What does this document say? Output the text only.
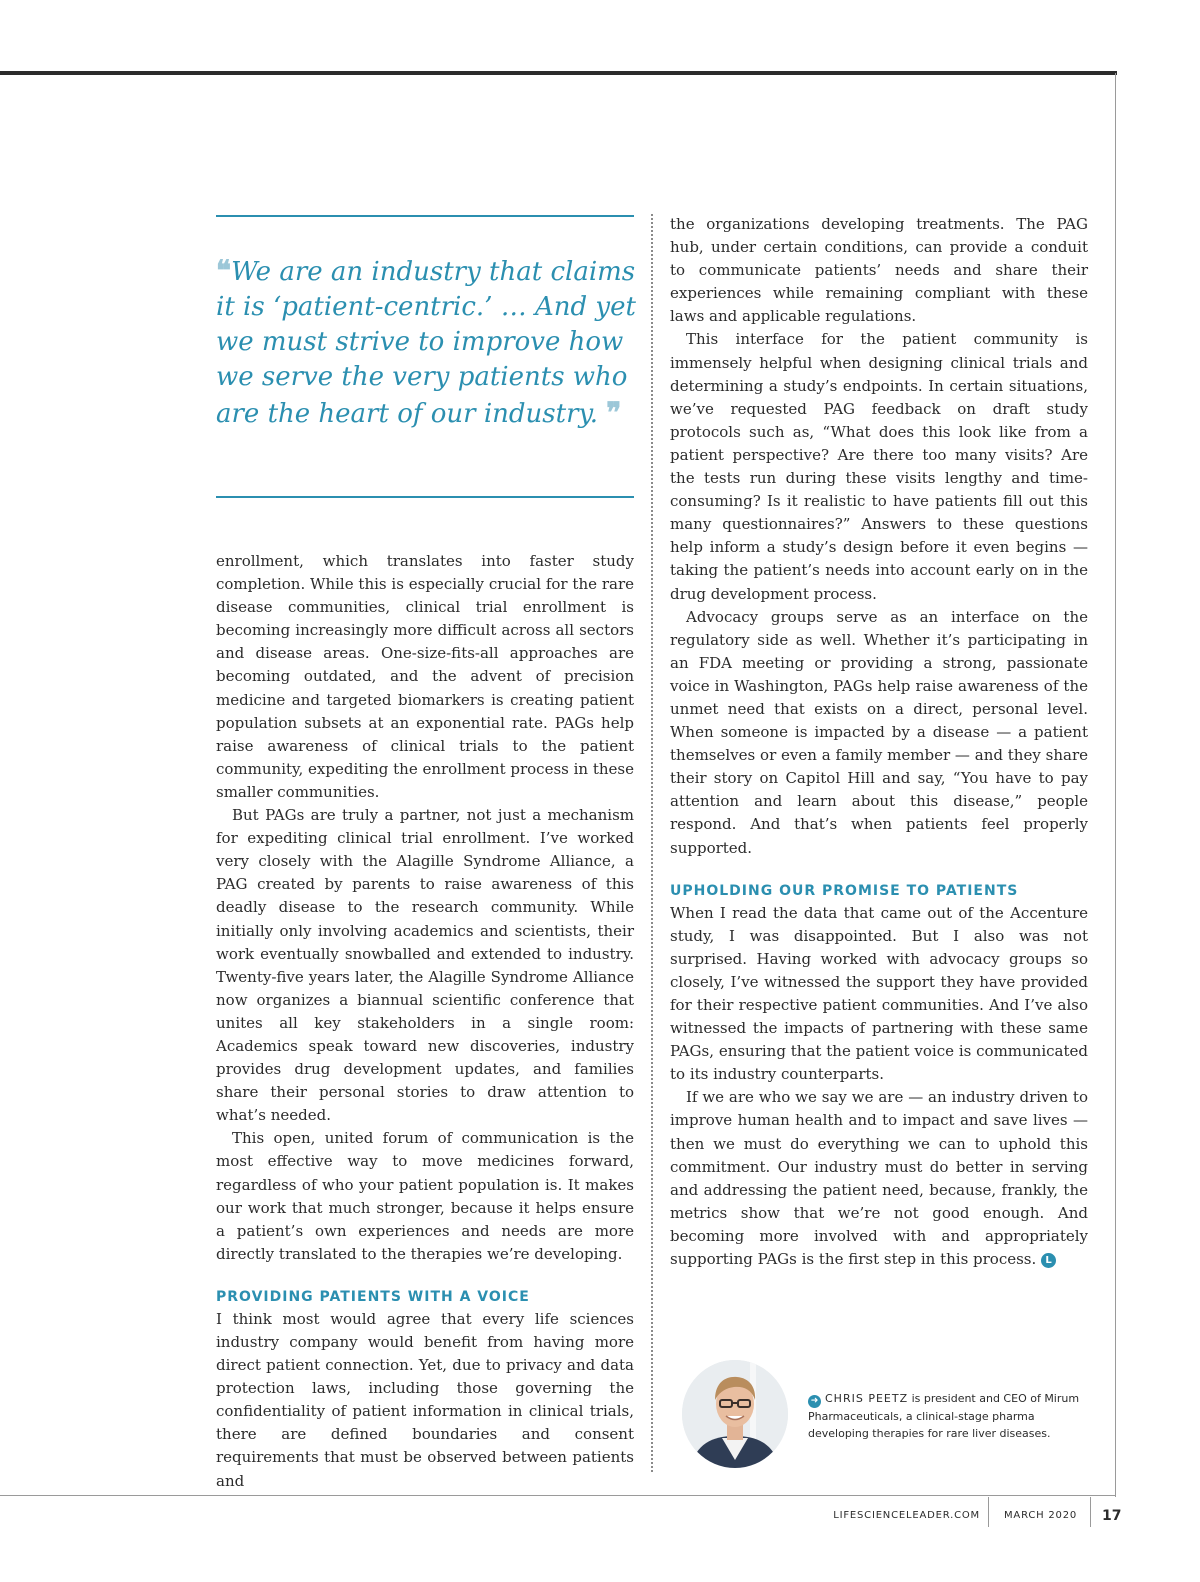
❝We are an industry that claims it is ‘patient-centric.’ … And yet we must strive to improve how we serve the very patients who are the heart of our industry. ❞

enrollment, which translates into faster study completion. While this is especially crucial for the rare disease communities, clinical trial enrollment is becoming increasingly more difficult across all sectors and disease areas. One-size-fits-all approaches are becoming outdated, and the advent of precision medicine and targeted biomarkers is creating patient population subsets at an exponential rate. PAGs help raise awareness of clinical trials to the patient community, expediting the enrollment process in these smaller communities.

But PAGs are truly a partner, not just a mechanism for expediting clinical trial enrollment. I’ve worked very closely with the Alagille Syndrome Alliance, a PAG created by parents to raise awareness of this deadly disease to the research community. While initially only involving academics and scientists, their work eventually snowballed and extended to industry. Twenty-five years later, the Alagille Syndrome Alliance now organizes a biannual scientific conference that unites all key stakeholders in a single room: Academics speak toward new discoveries, industry provides drug development updates, and families share their personal stories to draw attention to what’s needed.

This open, united forum of communication is the most effective way to move medicines forward, regardless of who your patient population is. It makes our work that much stronger, because it helps ensure a patient’s own experiences and needs are more directly translated to the therapies we’re developing.

PROVIDING PATIENTS WITH A VOICE

I think most would agree that every life sciences industry company would benefit from having more direct patient connection. Yet, due to privacy and data protection laws, including those governing the confidentiality of patient information in clinical trials, there are defined boundaries and consent requirements that must be observed between patients and

the organizations developing treatments. The PAG hub, under certain conditions, can provide a conduit to communicate patients’ needs and share their experiences while remaining compliant with these laws and applicable regulations.

This interface for the patient community is immensely helpful when designing clinical trials and determining a study’s endpoints. In certain situations, we’ve requested PAG feedback on draft study protocols such as, “What does this look like from a patient perspective? Are there too many visits? Are the tests run during these visits lengthy and time-consuming? Is it realistic to have patients fill out this many questionnaires?” Answers to these questions help inform a study’s design before it even begins — taking the patient’s needs into account early on in the drug development process.

Advocacy groups serve as an interface on the regulatory side as well. Whether it’s participating in an FDA meeting or providing a strong, passionate voice in Washington, PAGs help raise awareness of the unmet need that exists on a direct, personal level. When someone is impacted by a disease — a patient themselves or even a family member — and they share their story on Capitol Hill and say, “You have to pay attention and learn about this disease,” people respond. And that’s when patients feel properly supported.

UPHOLDING OUR PROMISE TO PATIENTS

When I read the data that came out of the Accenture study, I was disappointed. But I also was not surprised. Having worked with advocacy groups so closely, I’ve witnessed the support they have provided for their respective patient communities. And I’ve also witnessed the impacts of partnering with these same PAGs, ensuring that the patient voice is communicated to its industry counterparts.

If we are who we say we are — an industry driven to improve human health and to impact and save lives — then we must do everything we can to uphold this commitment. Our industry must do better in serving and addressing the patient need, because, frankly, the metrics show that we’re not good enough. And becoming more involved with and appropriately supporting PAGs is the first step in this process. L

➜ CHRIS PEETZ is president and CEO of Mirum Pharmaceuticals, a clinical-stage pharma developing therapies for rare liver diseases.
LIFESCIENCELEADER.COM MARCH 2020	17
